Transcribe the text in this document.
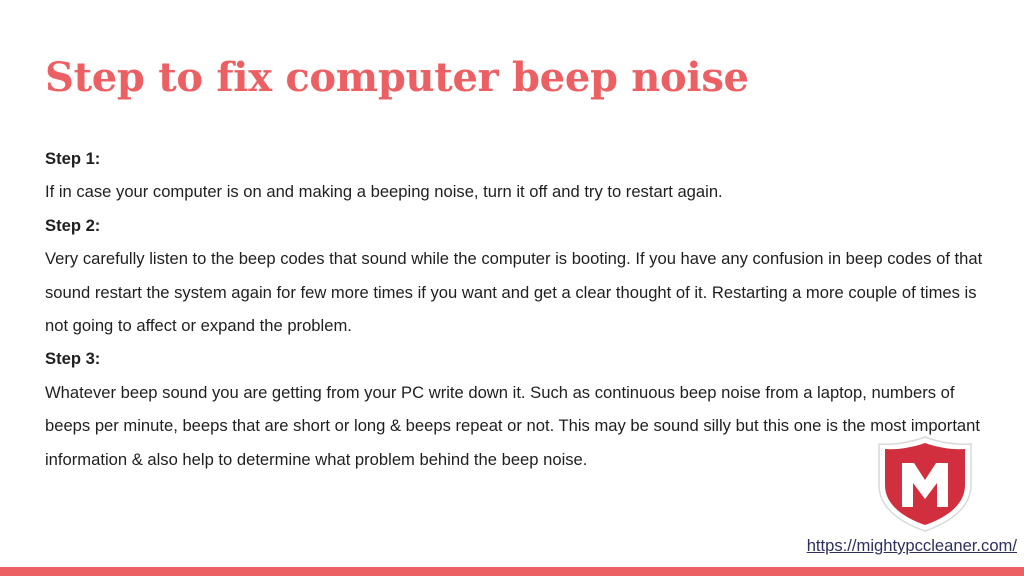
Step to fix computer beep noise
Step 1:
If in case your computer is on and making a beeping noise, turn it off and try to restart again.
Step 2:
Very carefully listen to the beep codes that sound while the computer is booting. If you have any confusion in beep codes of that sound restart the system again for few more times if you want and get a clear thought of it. Restarting a more couple of times is not going to affect or expand the problem.
Step 3:
Whatever beep sound you are getting from your PC write down it. Such as continuous beep noise from a laptop, numbers of beeps per minute, beeps that are short or long & beeps repeat or not. This may be sound silly but this one is the most important information & also help to determine what problem behind the beep noise.
https://mightypccleaner.com/
